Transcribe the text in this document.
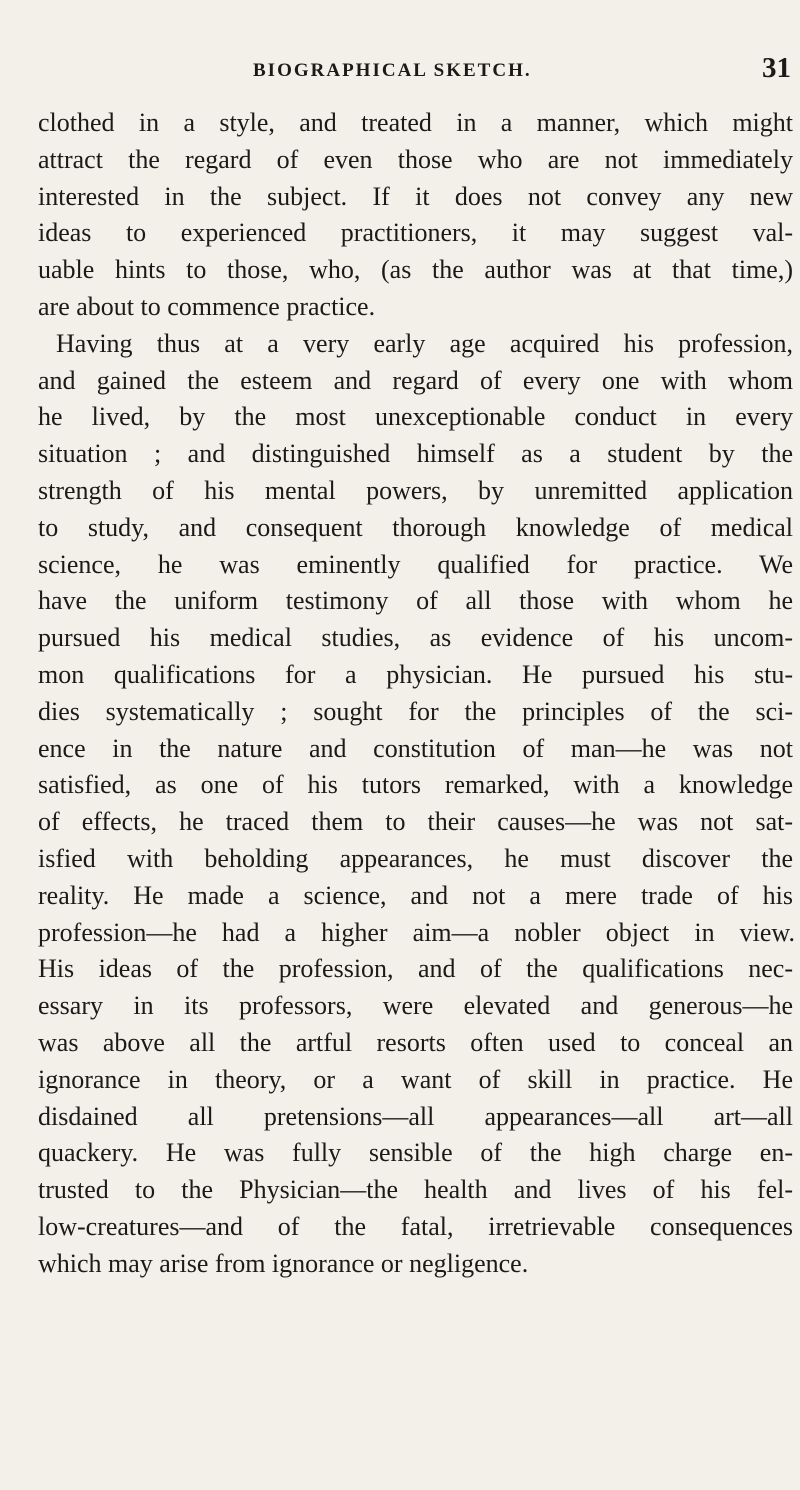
BIOGRAPHICAL SKETCH.	31
clothed in a style, and treated in a manner, which might
attract the regard of even those who are not immediately
interested in the subject. If it does not convey any new
ideas to experienced practitioners, it may suggest val-
uable hints to those, who, (as the author was at that time,)
are about to commence practice.
Having thus at a very early age acquired his profession,
and gained the esteem and regard of every one with whom
he lived, by the most unexceptionable conduct in every
situation ; and distinguished himself as a student by the
strength of his mental powers, by unremitted application
to study, and consequent thorough knowledge of medical
science, he was eminently qualified for practice. We
have the uniform testimony of all those with whom he
pursued his medical studies, as evidence of his uncom-
mon qualifications for a physician. He pursued his stu-
dies systematically ; sought for the principles of the sci-
ence in the nature and constitution of man—he was not
satisfied, as one of his tutors remarked, with a knowledge
of effects, he traced them to their causes—he was not sat-
isfied with beholding appearances, he must discover the
reality. He made a science, and not a mere trade of his
profession—he had a higher aim—a nobler object in view.
His ideas of the profession, and of the qualifications nec-
essary in its professors, were elevated and generous—he
was above all the artful resorts often used to conceal an
ignorance in theory, or a want of skill in practice. He
disdained all pretensions—all appearances—all art—all
quackery. He was fully sensible of the high charge en-
trusted to the Physician—the health and lives of his fel-
low-creatures—and of the fatal, irretrievable consequences
which may arise from ignorance or negligence.
